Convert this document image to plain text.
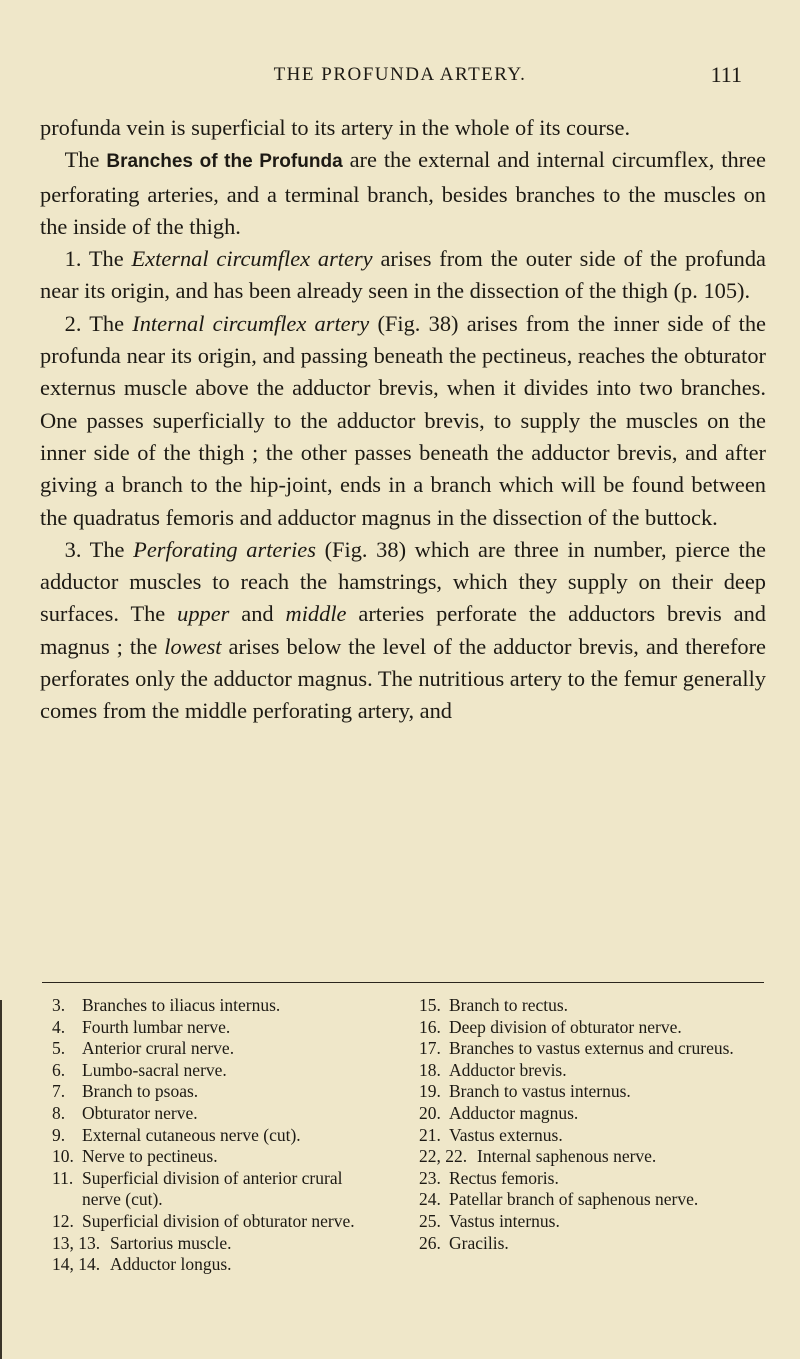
THE PROFUNDA ARTERY.	111

profunda vein is superficial to its artery in the whole of its course.

The Branches of the Profunda are the external and internal circumflex, three perforating arteries, and a terminal branch, besides branches to the muscles on the inside of the thigh.

1. The External circumflex artery arises from the outer side of the profunda near its origin, and has been already seen in the dissection of the thigh (p. 105).

2. The Internal circumflex artery (Fig. 38) arises from the inner side of the profunda near its origin, and passing beneath the pectineus, reaches the obturator externus muscle above the adductor brevis, when it divides into two branches. One passes superficially to the adductor brevis, to supply the muscles on the inner side of the thigh ; the other passes beneath the adductor brevis, and after giving a branch to the hip-joint, ends in a branch which will be found between the quadratus femoris and adductor magnus in the dissection of the buttock.

3. The Perforating arteries (Fig. 38) which are three in number, pierce the adductor muscles to reach the hamstrings, which they supply on their deep surfaces. The upper and middle arteries perforate the adductors brevis and magnus ; the lowest arises below the level of the adductor brevis, and therefore perforates only the adductor magnus. The nutritious artery to the femur generally comes from the middle perforating artery, and

3. Branches to iliacus internus.
4. Fourth lumbar nerve.
5. Anterior crural nerve.
6. Lumbo-sacral nerve.
7. Branch to psoas.
8. Obturator nerve.
9. External cutaneous nerve (cut).
10. Nerve to pectineus.
11. Superficial division of anterior crural nerve (cut).
12. Superficial division of obturator nerve.
13, 13. Sartorius muscle.
14, 14. Adductor longus.
15. Branch to rectus.
16. Deep division of obturator nerve.
17. Branches to vastus externus and crureus.
18. Adductor brevis.
19. Branch to vastus internus.
20. Adductor magnus.
21. Vastus externus.
22, 22. Internal saphenous nerve.
23. Rectus femoris.
24. Patellar branch of saphenous nerve.
25. Vastus internus.
26. Gracilis.
